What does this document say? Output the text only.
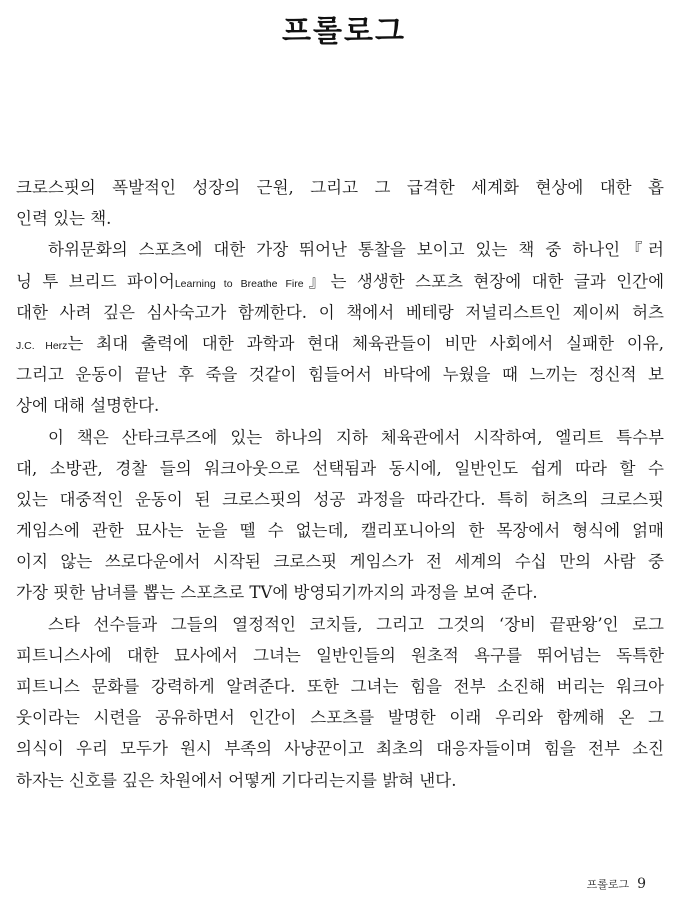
프롤로그
크로스핏의 폭발적인 성장의 근원, 그리고 그 급격한 세계화 현상에 대한 흡
인력 있는 책.
하위문화의 스포츠에 대한 가장 뛰어난 통찰을 보이고 있는 책 중 하나인『러
닝 투 브리드 파이어Learning to Breathe Fire』는 생생한 스포츠 현장에 대한 글과 인간에
대한 사려 깊은 심사숙고가 함께한다. 이 책에서 베테랑 저널리스트인 제이씨 허츠
J.C. Herz는 최대 출력에 대한 과학과 현대 체육관들이 비만 사회에서 실패한 이유,
그리고 운동이 끝난 후 죽을 것같이 힘들어서 바닥에 누웠을 때 느끼는 정신적 보
상에 대해 설명한다.
이 책은 산타크루즈에 있는 하나의 지하 체육관에서 시작하여, 엘리트 특수부
대, 소방관, 경찰 들의 워크아웃으로 선택됨과 동시에, 일반인도 쉽게 따라 할 수
있는 대중적인 운동이 된 크로스핏의 성공 과정을 따라간다. 특히 허츠의 크로스핏
게임스에 관한 묘사는 눈을 뗄 수 없는데, 캘리포니아의 한 목장에서 형식에 얽매
이지 않는 쓰로다운에서 시작된 크로스핏 게임스가 전 세계의 수십 만의 사람 중
가장 핏한 남녀를 뽑는 스포츠로 TV에 방영되기까지의 과정을 보여 준다.
스타 선수들과 그들의 열정적인 코치들, 그리고 그것의 ‘장비 끝판왕’인 로그
피트니스사에 대한 묘사에서 그녀는 일반인들의 원초적 욕구를 뛰어넘는 독특한
피트니스 문화를 강력하게 알려준다. 또한 그녀는 힘을 전부 소진해 버리는 워크아
웃이라는 시련을 공유하면서 인간이 스포츠를 발명한 이래 우리와 함께해 온 그
의식이 우리 모두가 원시 부족의 사냥꾼이고 최초의 대응자들이며 힘을 전부 소진
하자는 신호를 깊은 차원에서 어떻게 기다리는지를 밝혀 낸다.
프롤로그 9
